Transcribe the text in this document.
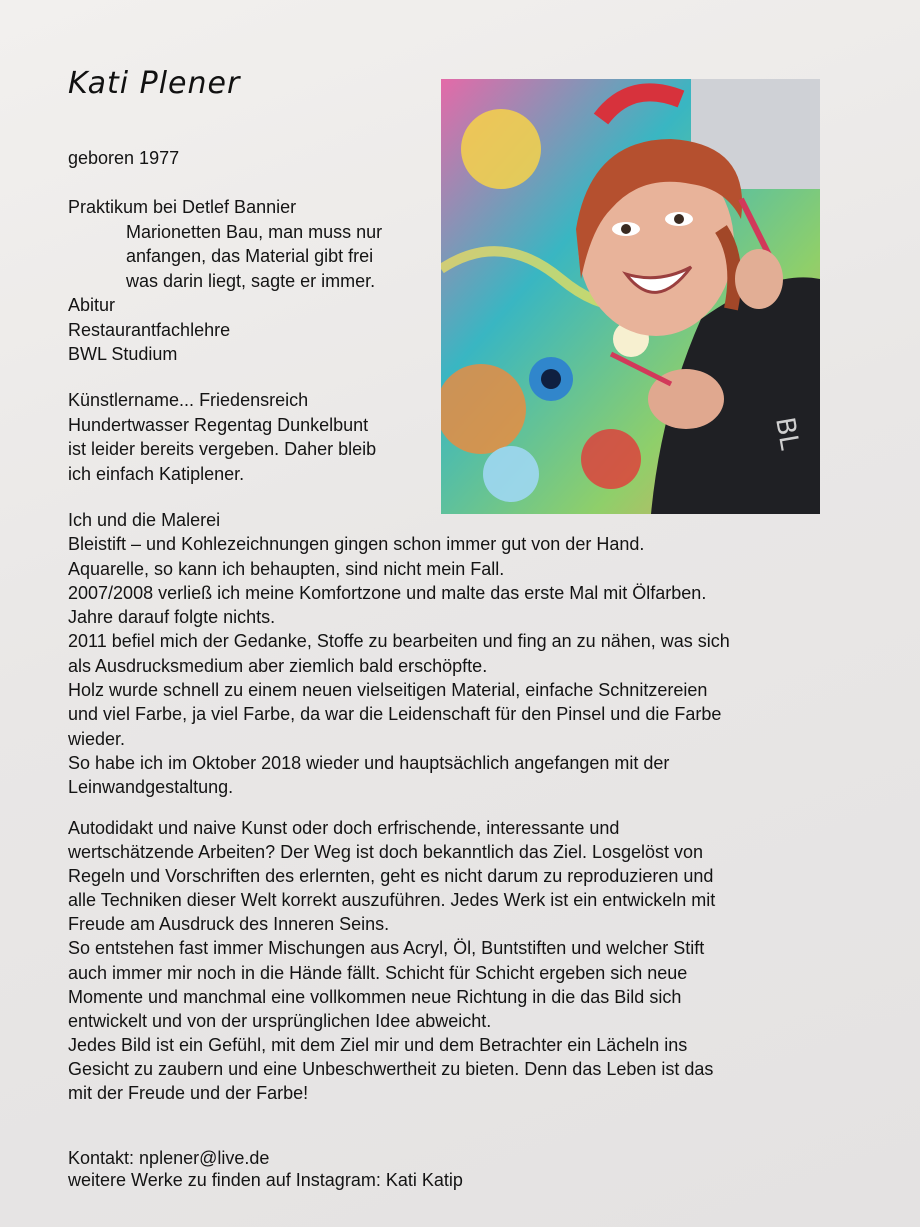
Kati Plener
geboren 1977

Praktikum bei Detlef Bannier

Marionetten Bau, man muss nur

anfangen, das Material gibt frei

was darin liegt, sagte er immer.

Abitur

Restaurantfachlehre

BWL Studium

Künstlername... Friedensreich

Hundertwasser Regentag Dunkelbunt

ist leider bereits vergeben. Daher bleib

ich einfach Katiplener.

BL

Ich und die Malerei

Bleistift – und Kohlezeichnungen gingen schon immer gut von der Hand.

Aquarelle, so kann ich behaupten, sind nicht mein Fall.

2007/2008 verließ ich meine Komfortzone und malte das erste Mal mit Ölfarben.

Jahre darauf folgte nichts.

2011 befiel mich der Gedanke, Stoffe zu bearbeiten und fing an zu nähen, was sich

als Ausdrucksmedium aber ziemlich bald erschöpfte.

Holz wurde schnell zu einem neuen vielseitigen Material, einfache Schnitzereien

und viel Farbe, ja viel Farbe, da war die Leidenschaft für den Pinsel und die Farbe

wieder.

So habe ich im Oktober 2018 wieder und hauptsächlich angefangen mit der

Leinwandgestaltung.

Autodidakt und naive Kunst oder doch erfrischende, interessante und

wertschätzende Arbeiten? Der Weg ist doch bekanntlich das Ziel. Losgelöst von

Regeln und Vorschriften des erlernten, geht es nicht darum zu reproduzieren und

alle Techniken dieser Welt korrekt auszuführen. Jedes Werk ist ein entwickeln mit

Freude am Ausdruck des Inneren Seins.

So entstehen fast immer Mischungen aus Acryl, Öl, Buntstiften und welcher Stift

auch immer mir noch in die Hände fällt. Schicht für Schicht ergeben sich neue

Momente und manchmal eine vollkommen neue Richtung in die das Bild sich

entwickelt und von der ursprünglichen Idee abweicht.

Jedes Bild ist ein Gefühl, mit dem Ziel mir und dem Betrachter ein Lächeln ins

Gesicht zu zaubern und eine Unbeschwertheit zu bieten. Denn das Leben ist das

mit der Freude und der Farbe!

Kontakt: nplener@live.de

weitere Werke zu finden auf Instagram: Kati Katip
